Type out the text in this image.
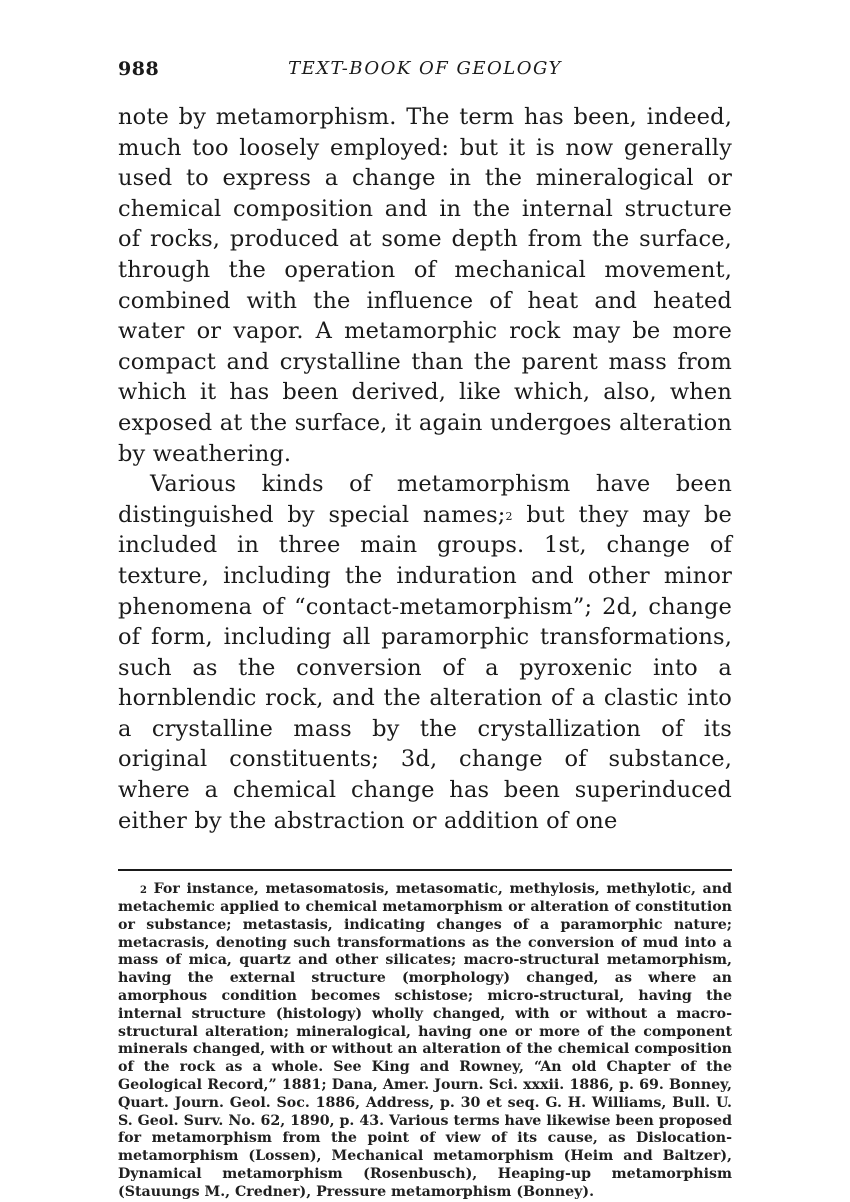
988	TEXT-BOOK OF GEOLOGY

note by metamorphism. The term has been, indeed, much too loosely employed: but it is now generally used to express a change in the mineralogical or chemical composition and in the internal structure of rocks, produced at some depth from the surface, through the operation of mechanical movement, combined with the influence of heat and heated water or vapor. A metamorphic rock may be more compact and crystalline than the parent mass from which it has been derived, like which, also, when exposed at the surface, it again undergoes alteration by weathering.

Various kinds of metamorphism have been distinguished by special names;$^2$ but they may be included in three main groups. 1st, change of texture, including the induration and other minor phenomena of “contact-metamorphism”; 2d, change of form, including all paramorphic transformations, such as the conversion of a pyroxenic into a hornblendic rock, and the alteration of a clastic into a crystalline mass by the crystallization of its original constituents; 3d, change of substance, where a chemical change has been superinduced either by the abstraction or addition of one

$^2$ For instance, metasomatosis, metasomatic, methylosis, methylotic, and metachemic applied to chemical metamorphism or alteration of constitution or substance; metastasis, indicating changes of a paramorphic nature; metacrasis, denoting such transformations as the conversion of mud into a mass of mica, quartz and other silicates; macro-structural metamorphism, having the external structure (morphology) changed, as where an amorphous condition becomes schistose; micro-structural, having the internal structure (histology) wholly changed, with or without a macro-structural alteration; mineralogical, having one or more of the component minerals changed, with or without an alteration of the chemical composition of the rock as a whole. See King and Rowney, “An old Chapter of the Geological Record,” 1881; Dana, Amer. Journ. Sci. xxxii. 1886, p. 69. Bonney, Quart. Journ. Geol. Soc. 1886, Address, p. 30 et seq. G. H. Williams, Bull. U. S. Geol. Surv. No. 62, 1890, p. 43. Various terms have likewise been proposed for metamorphism from the point of view of its cause, as Dislocation-metamorphism (Lossen), Mechanical metamorphism (Heim and Baltzer), Dynamical metamorphism (Rosenbusch), Heaping-up metamorphism (Stauungs M., Credner), Pressure metamorphism (Bonney).
